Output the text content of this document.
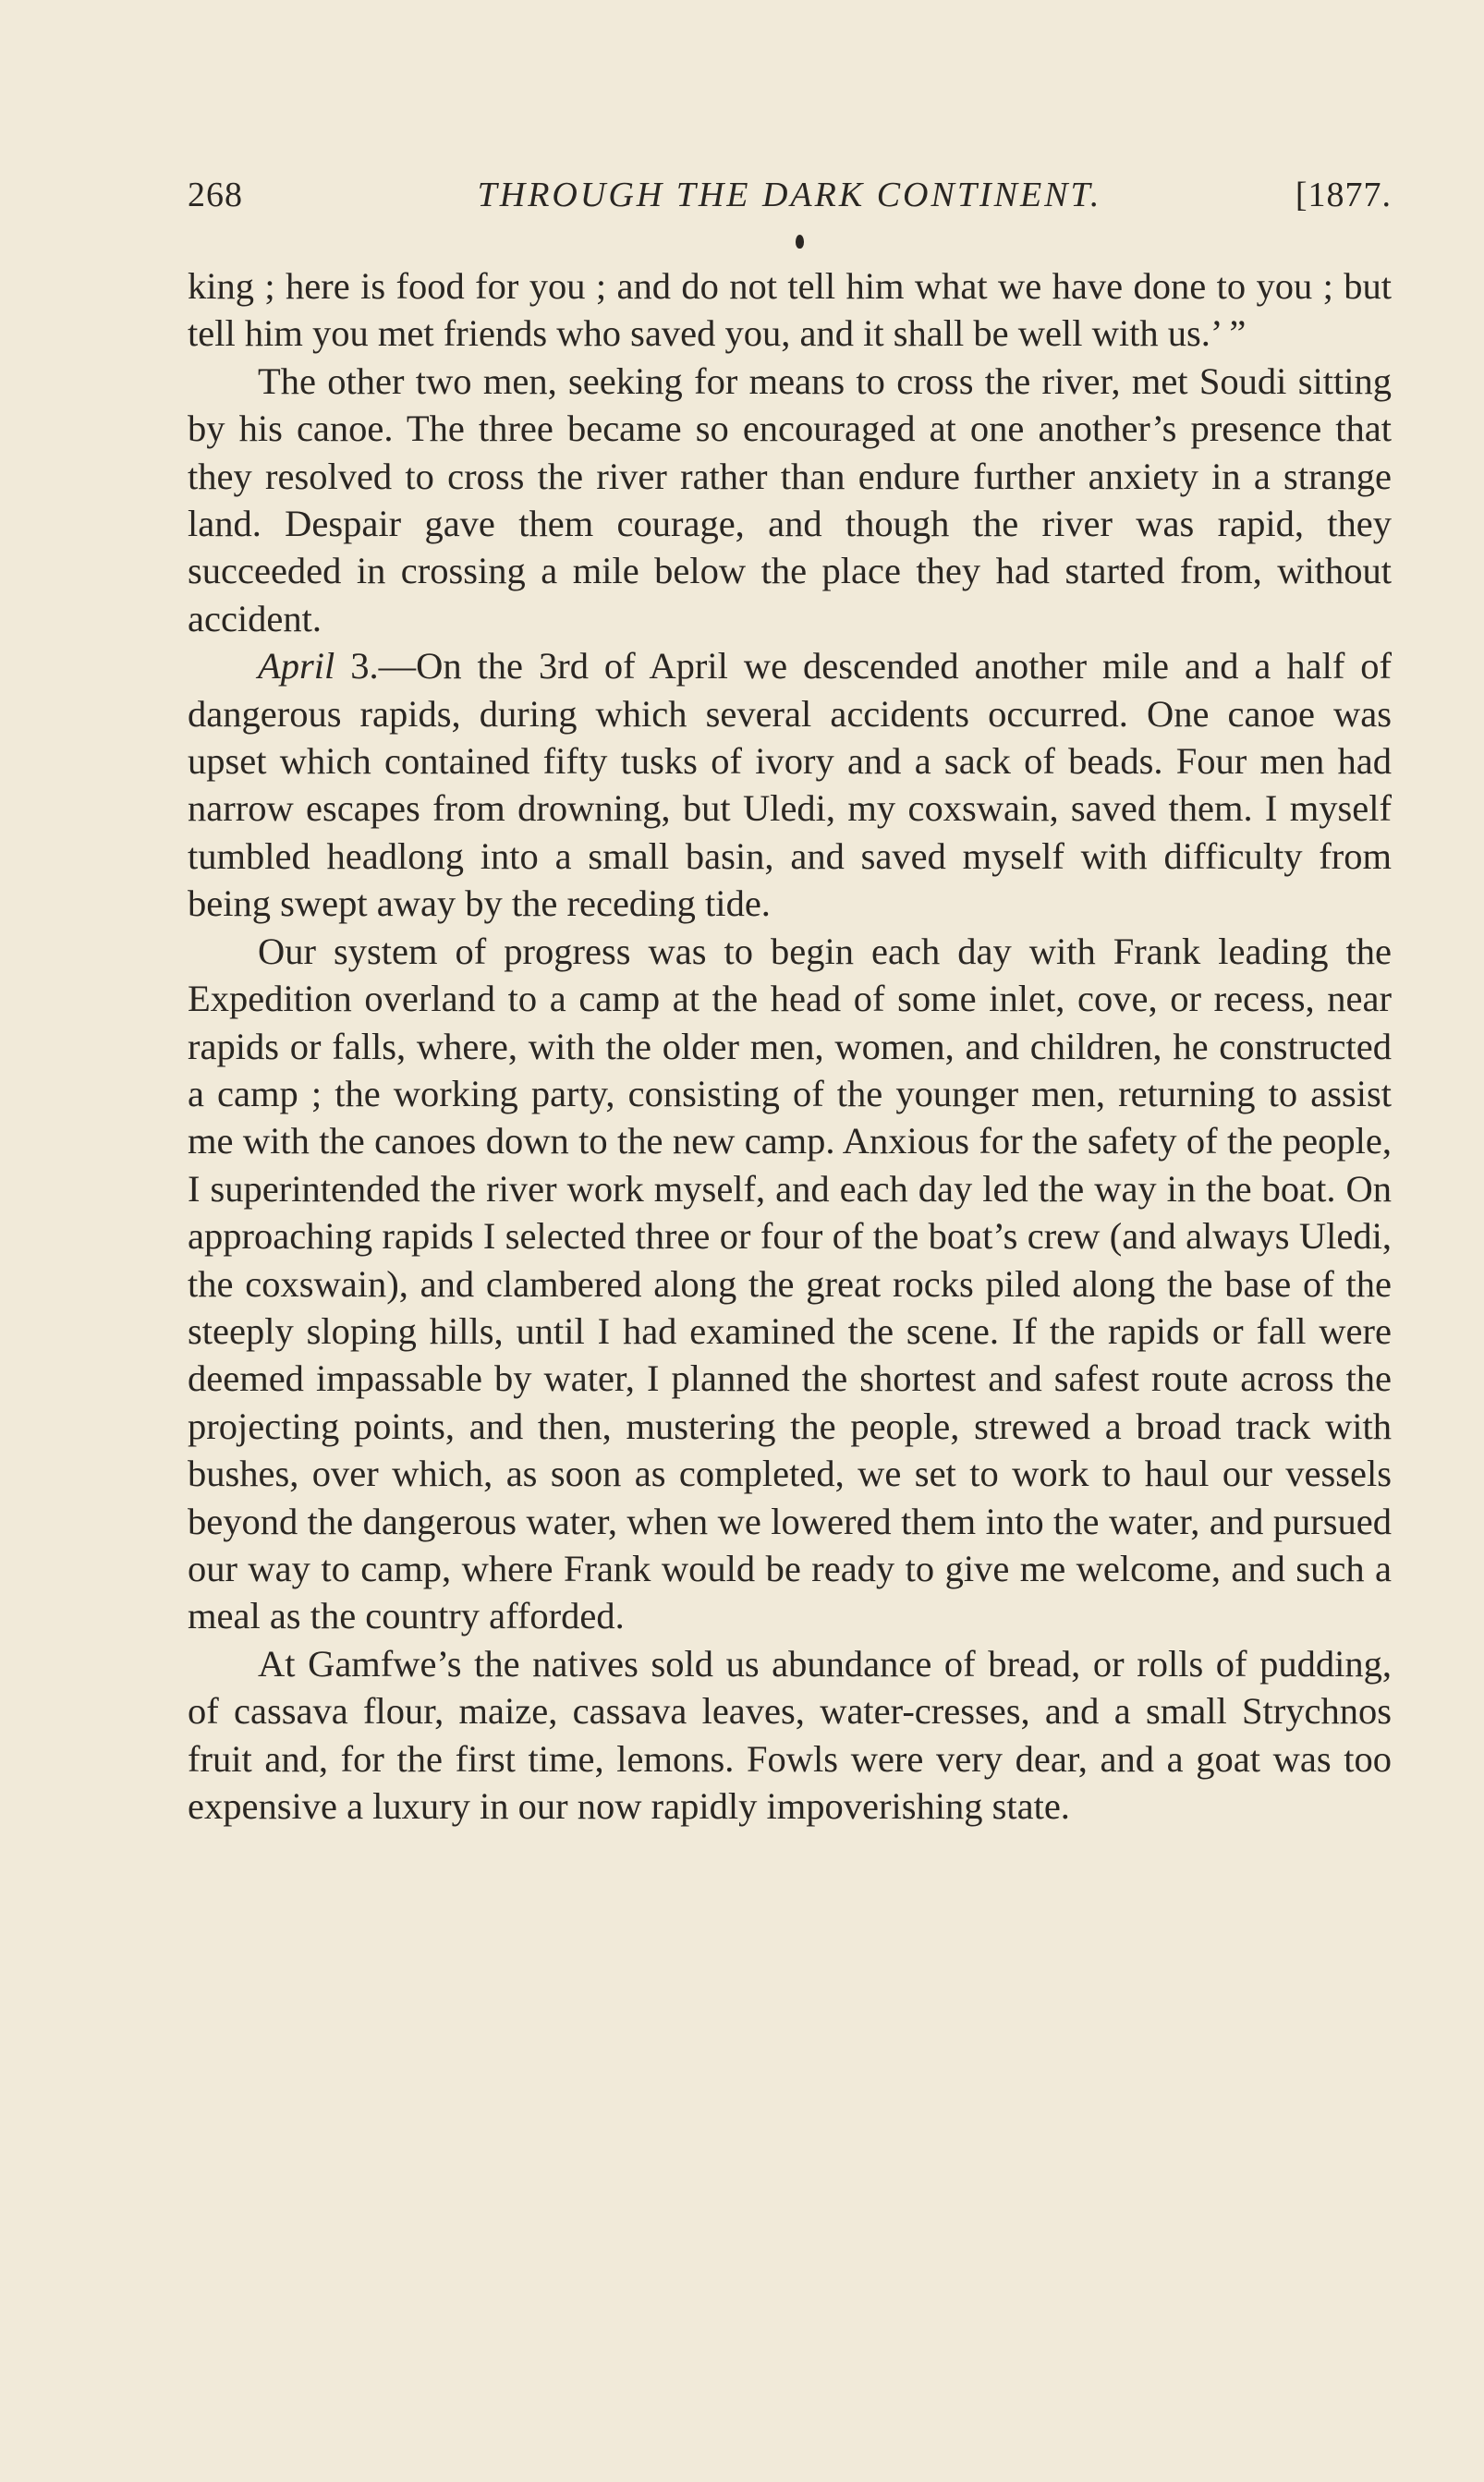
268	THROUGH THE DARK CONTINENT.	[1877.

king ; here is food for you ; and do not tell him what we have done to you ; but tell him you met friends who saved you, and it shall be well with us.’ ”

The other two men, seeking for means to cross the river, met Soudi sitting by his canoe. The three became so encouraged at one another’s presence that they resolved to cross the river rather than endure further anxiety in a strange land. Despair gave them courage, and though the river was rapid, they succeeded in crossing a mile below the place they had started from, without accident.

April 3.—On the 3rd of April we descended another mile and a half of dangerous rapids, during which several accidents occurred. One canoe was upset which contained fifty tusks of ivory and a sack of beads. Four men had narrow escapes from drowning, but Uledi, my coxswain, saved them. I myself tumbled headlong into a small basin, and saved myself with difficulty from being swept away by the receding tide.

Our system of progress was to begin each day with Frank leading the Expedition overland to a camp at the head of some inlet, cove, or recess, near rapids or falls, where, with the older men, women, and children, he constructed a camp ; the working party, consisting of the younger men, returning to assist me with the canoes down to the new camp. Anxious for the safety of the people, I superintended the river work myself, and each day led the way in the boat. On approaching rapids I selected three or four of the boat’s crew (and always Uledi, the coxswain), and clambered along the great rocks piled along the base of the steeply sloping hills, until I had examined the scene. If the rapids or fall were deemed impassable by water, I planned the shortest and safest route across the projecting points, and then, mustering the people, strewed a broad track with bushes, over which, as soon as completed, we set to work to haul our vessels beyond the dangerous water, when we lowered them into the water, and pursued our way to camp, where Frank would be ready to give me welcome, and such a meal as the country afforded.

At Gamfwe’s the natives sold us abundance of bread, or rolls of pudding, of cassava flour, maize, cassava leaves, water-cresses, and a small Strychnos fruit and, for the first time, lemons. Fowls were very dear, and a goat was too expensive a luxury in our now rapidly impoverishing state.
